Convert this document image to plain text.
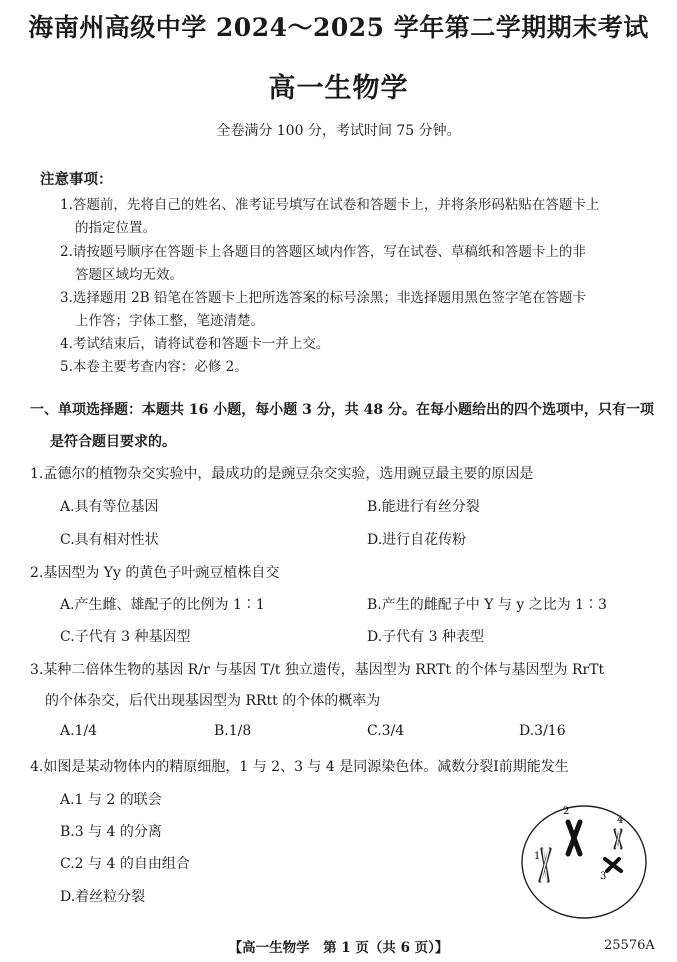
海南州高级中学 2024～2025 学年第二学期期末考试
高一生物学
全卷满分 100 分，考试时间 75 分钟。
注意事项：
1.答题前，先将自己的姓名、准考证号填写在试卷和答题卡上，并将条形码粘贴在答题卡上
的指定位置。
2.请按题号顺序在答题卡上各题目的答题区域内作答，写在试卷、草稿纸和答题卡上的非
答题区域均无效。
3.选择题用 2B 铅笔在答题卡上把所选答案的标号涂黑；非选择题用黑色签字笔在答题卡
上作答；字体工整，笔迹清楚。
4.考试结束后，请将试卷和答题卡一并上交。
5.本卷主要考查内容：必修 2。
一、单项选择题：本题共 16 小题，每小题 3 分，共 48 分。在每小题给出的四个选项中，只有一项
是符合题目要求的。
1.孟德尔的植物杂交实验中，最成功的是豌豆杂交实验，选用豌豆最主要的原因是
A.具有等位基因	B.能进行有丝分裂
C.具有相对性状	D.进行自花传粉
2.基因型为 Yy 的黄色子叶豌豆植株自交
A.产生雌、雄配子的比例为 1∶1	B.产生的雌配子中 Y 与 y 之比为 1∶3
C.子代有 3 种基因型	D.子代有 3 种表型
3.某种二倍体生物的基因 R/r 与基因 T/t 独立遗传，基因型为 RRTt 的个体与基因型为 RrTt
的个体杂交，后代出现基因型为 RRtt 的个体的概率为
A.1/4	B.1/8	C.3/4	D.3/16
4.如图是某动物体内的精原细胞，1 与 2、3 与 4 是同源染色体。减数分裂Ⅰ前期能发生
A.1 与 2 的联会
B.3 与 4 的分离
C.2 与 4 的自由组合
D.着丝粒分裂
2
1
4
3
【高一生物学　第 1 页（共 6 页）】	25576A
